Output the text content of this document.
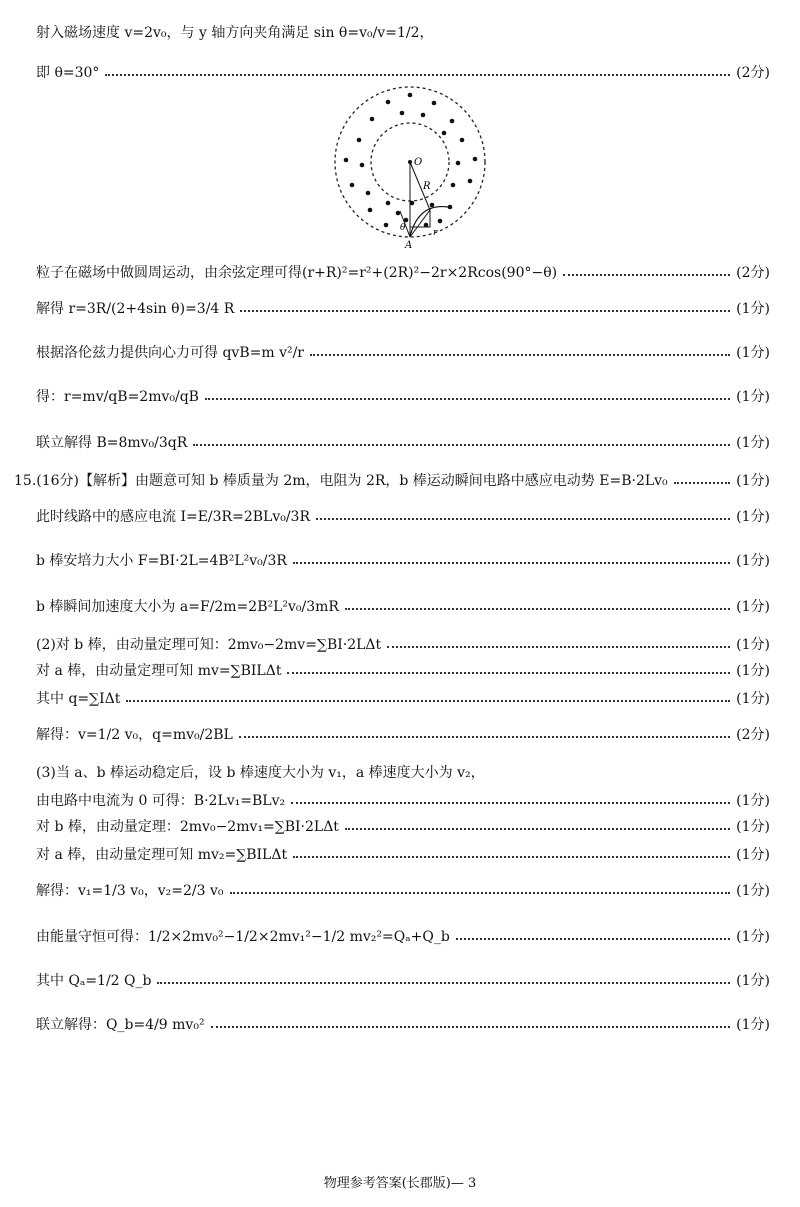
O
R
θ	r
A
射入磁场速度 v=2v₀，与 y 轴方向夹角满足 sin θ=v₀/v=1/2，
即 θ=30°	(2分)
粒子在磁场中做圆周运动，由余弦定理可得(r+R)²=r²+(2R)²−2r×2Rcos(90°−θ)	(2分)
解得 r=3R/(2+4sin θ)=3/4 R	(1分)
根据洛伦兹力提供向心力可得 qvB=m v²/r	(1分)
得：r=mv/qB=2mv₀/qB	(1分)
联立解得 B=8mv₀/3qR	(1分)
15.(16分)【解析】由题意可知 b 棒质量为 2m，电阻为 2R，b 棒运动瞬间电路中感应电动势 E=B·2Lv₀	(1分)
此时线路中的感应电流 I=E/3R=2BLv₀/3R	(1分)
b 棒安培力大小 F=BI·2L=4B²L²v₀/3R	(1分)
b 棒瞬间加速度大小为 a=F/2m=2B²L²v₀/3mR	(1分)
(2)对 b 棒，由动量定理可知：2mv₀−2mv=∑BI·2LΔt	(1分)
对 a 棒，由动量定理可知 mv=∑BILΔt	(1分)
其中 q=∑IΔt	(1分)
解得：v=1/2 v₀，q=mv₀/2BL	(2分)
(3)当 a、b 棒运动稳定后，设 b 棒速度大小为 v₁，a 棒速度大小为 v₂，
由电路中电流为 0 可得：B·2Lv₁=BLv₂	(1分)
对 b 棒，由动量定理：2mv₀−2mv₁=∑BI·2LΔt	(1分)
对 a 棒，由动量定理可知 mv₂=∑BILΔt	(1分)
解得：v₁=1/3 v₀，v₂=2/3 v₀	(1分)
由能量守恒可得：1/2×2mv₀²−1/2×2mv₁²−1/2 mv₂²=Qₐ+Q_b	(1分)
其中 Qₐ=1/2 Q_b	(1分)
联立解得：Q_b=4/9 mv₀²	(1分)
物理参考答案(长郡版)— 3
